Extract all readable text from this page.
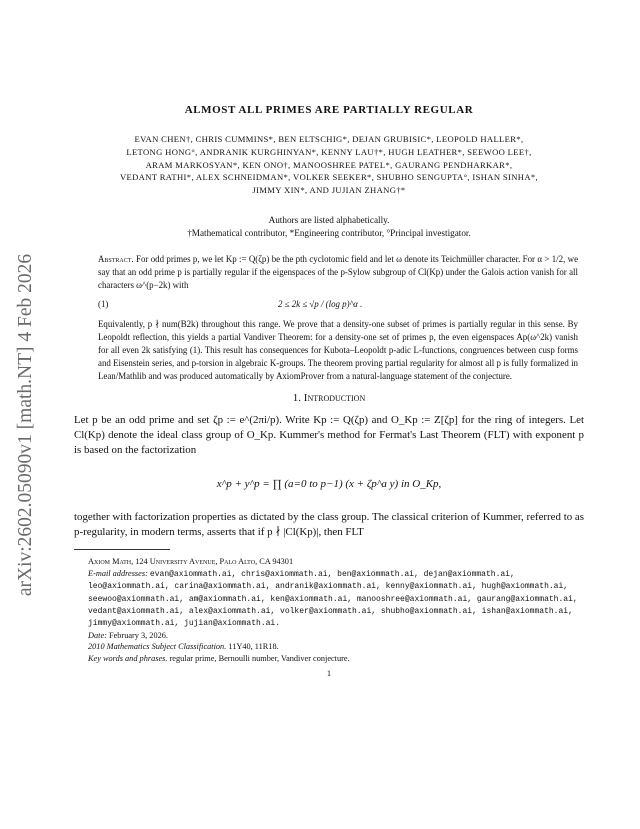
arXiv:2602.05090v1 [math.NT] 4 Feb 2026
ALMOST ALL PRIMES ARE PARTIALLY REGULAR
EVAN CHEN†, CHRIS CUMMINS*, BEN ELTSCHIG*, DEJAN GRUBISIC*, LEOPOLD HALLER*,
LETONG HONG°, ANDRANIK KURGHINYAN*, KENNY LAU†*, HUGH LEATHER*, SEEWOO LEE†,
ARAM MARKOSYAN*, KEN ONO†, MANOOSHREE PATEL*, GAURANG PENDHARKAR*,
VEDANT RATHI*, ALEX SCHNEIDMAN*, VOLKER SEEKER*, SHUBHO SENGUPTA°, ISHAN SINHA*,
JIMMY XIN*, AND JUJIAN ZHANG†*
Authors are listed alphabetically.
†Mathematical contributor, *Engineering contributor, °Principal investigator.
Abstract. For odd primes p, we let Kp := Q(ζp) be the pth cyclotomic field and let ω denote its Teichmüller character. For α > 1/2, we say that an odd prime p is partially regular if the eigenspaces of the p-Sylow subgroup of Cl(Kp) under the Galois action vanish for all characters ω^(p−2k) with
(1)	2 ≤ 2k ≤ √p / (log p)^α .
Equivalently, p ∤ num(B2k) throughout this range. We prove that a density-one subset of primes is partially regular in this sense. By Leopoldt reflection, this yields a partial Vandiver Theorem: for a density-one set of primes p, the even eigenspaces Ap(ω^2k) vanish for all even 2k satisfying (1). This result has consequences for Kubota–Leopoldt p-adic L-functions, congruences between cusp forms and Eisenstein series, and p-torsion in algebraic K-groups. The theorem proving partial regularity for almost all p is fully formalized in Lean/Mathlib and was produced automatically by AxiomProver from a natural-language statement of the conjecture.
1. Introduction
Let p be an odd prime and set ζp := e^(2πi/p). Write Kp := Q(ζp) and O_Kp := Z[ζp] for the ring of integers. Let Cl(Kp) denote the ideal class group of O_Kp. Kummer's method for Fermat's Last Theorem (FLT) with exponent p is based on the factorization
x^p + y^p = ∏ (a=0 to p−1) (x + ζp^a y) in O_Kp,
together with factorization properties as dictated by the class group. The classical criterion of Kummer, referred to as p-regularity, in modern terms, asserts that if p ∤ |Cl(Kp)|, then FLT
Axiom Math, 124 University Avenue, Palo Alto, CA 94301
E-mail addresses: evan@axiommath.ai, chris@axiommath.ai, ben@axiommath.ai, dejan@axiommath.ai, leo@axiommath.ai, carina@axiommath.ai, andranik@axiommath.ai, kenny@axiommath.ai, hugh@axiommath.ai, seewoo@axiommath.ai, am@axiommath.ai, ken@axiommath.ai, manooshree@axiommath.ai, gaurang@axiommath.ai, vedant@axiommath.ai, alex@axiommath.ai, volker@axiommath.ai, shubho@axiommath.ai, ishan@axiommath.ai, jimmy@axiommath.ai, jujian@axiommath.ai.
Date: February 3, 2026.
2010 Mathematics Subject Classification. 11Y40, 11R18.
Key words and phrases. regular prime, Bernoulli number, Vandiver conjecture.
1
